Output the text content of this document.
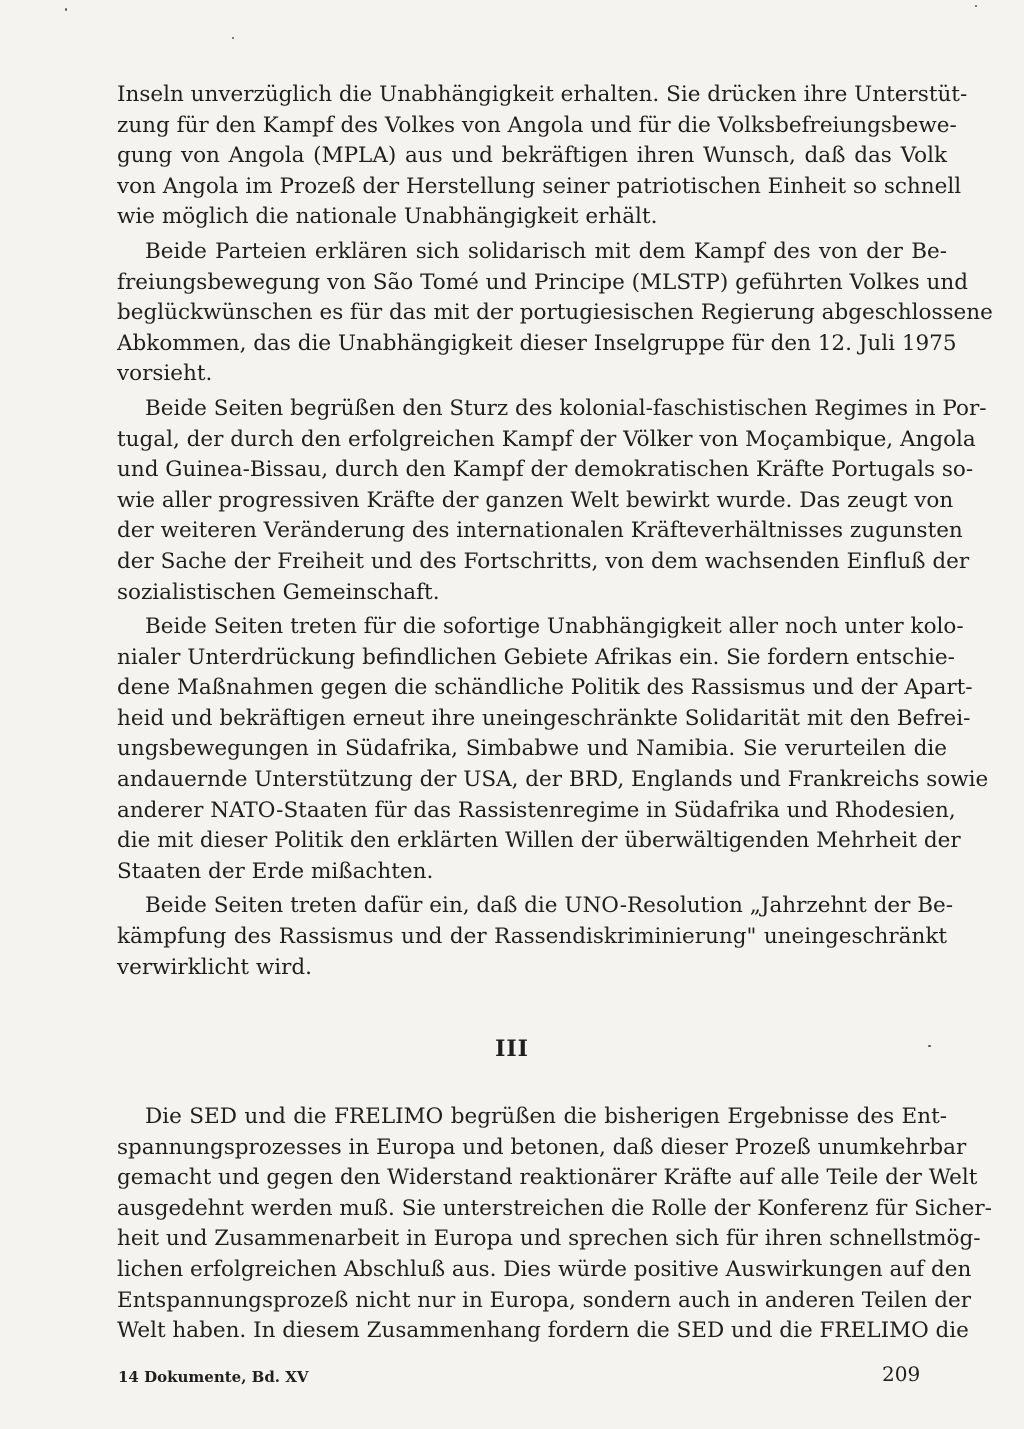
Inseln unverzüglich die Unabhängigkeit erhalten. Sie drücken ihre Unterstüt-
zung für den Kampf des Volkes von Angola und für die Volksbefreiungsbewe-
gung von Angola (MPLA) aus und bekräftigen ihren Wunsch, daß das Volk
von Angola im Prozeß der Herstellung seiner patriotischen Einheit so schnell
wie möglich die nationale Unabhängigkeit erhält.
Beide Parteien erklären sich solidarisch mit dem Kampf des von der Be-
freiungsbewegung von São Tomé und Principe (MLSTP) geführten Volkes und
beglückwünschen es für das mit der portugiesischen Regierung abgeschlossene
Abkommen, das die Unabhängigkeit dieser Inselgruppe für den 12. Juli 1975
vorsieht.
Beide Seiten begrüßen den Sturz des kolonial-faschistischen Regimes in Por-
tugal, der durch den erfolgreichen Kampf der Völker von Moçambique, Angola
und Guinea-Bissau, durch den Kampf der demokratischen Kräfte Portugals so-
wie aller progressiven Kräfte der ganzen Welt bewirkt wurde. Das zeugt von
der weiteren Veränderung des internationalen Kräfteverhältnisses zugunsten
der Sache der Freiheit und des Fortschritts, von dem wachsenden Einfluß der
sozialistischen Gemeinschaft.
Beide Seiten treten für die sofortige Unabhängigkeit aller noch unter kolo-
nialer Unterdrückung befindlichen Gebiete Afrikas ein. Sie fordern entschie-
dene Maßnahmen gegen die schändliche Politik des Rassismus und der Apart-
heid und bekräftigen erneut ihre uneingeschränkte Solidarität mit den Befrei-
ungsbewegungen in Südafrika, Simbabwe und Namibia. Sie verurteilen die
andauernde Unterstützung der USA, der BRD, Englands und Frankreichs sowie
anderer NATO-Staaten für das Rassistenregime in Südafrika und Rhodesien,
die mit dieser Politik den erklärten Willen der überwältigenden Mehrheit der
Staaten der Erde mißachten.
Beide Seiten treten dafür ein, daß die UNO-Resolution „Jahrzehnt der Be-
kämpfung des Rassismus und der Rassendiskriminierung" uneingeschränkt
verwirklicht wird.
III
Die SED und die FRELIMO begrüßen die bisherigen Ergebnisse des Ent-
spannungsprozesses in Europa und betonen, daß dieser Prozeß unumkehrbar
gemacht und gegen den Widerstand reaktionärer Kräfte auf alle Teile der Welt
ausgedehnt werden muß. Sie unterstreichen die Rolle der Konferenz für Sicher-
heit und Zusammenarbeit in Europa und sprechen sich für ihren schnellstmög-
lichen erfolgreichen Abschluß aus. Dies würde positive Auswirkungen auf den
Entspannungsprozeß nicht nur in Europa, sondern auch in anderen Teilen der
Welt haben. In diesem Zusammenhang fordern die SED und die FRELIMO die
14 Dokumente, Bd. XV	209
